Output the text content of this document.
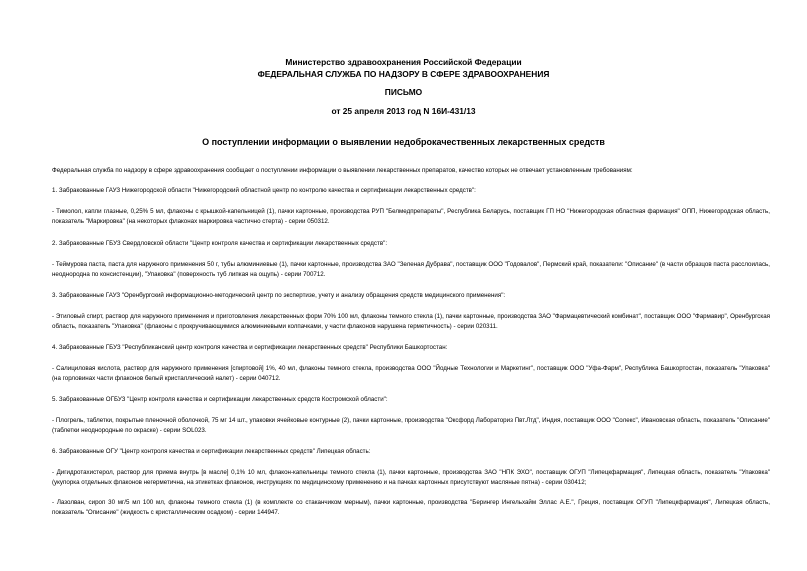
Министерство здравоохранения Российской Федерации
ФЕДЕРАЛЬНАЯ СЛУЖБА ПО НАДЗОРУ В СФЕРЕ ЗДРАВООХРАНЕНИЯ
ПИСЬМО
от 25 апреля 2013 год N 16И-431/13
О поступлении информации о выявлении недоброкачественных лекарственных средств
Федеральная служба по надзору в сфере здравоохранения сообщает о поступлении информации о выявлении лекарственных препаратов, качество которых не отвечает установленным требованиям:
1. Забракованные ГАУЗ Нижегородской области "Нижегородский областной центр по контролю качества и сертификации лекарственных средств":
- Тимолол, капли глазные, 0,25% 5 мл, флаконы с крышкой-капельницей (1), пачки картонные, производства РУП "Белмедпрепараты", Республика Беларусь, поставщик ГП НО "Нижегородская областная фармация" ОПП, Нижегородская область, показатель "Маркировка" (на некоторых флаконах маркировка частично стерта) - серии 050312.
2. Забракованные ГБУЗ Свердловской области "Центр контроля качества и сертификации лекарственных средств":
- Теймурова паста, паста для наружного применения 50 г, тубы алюминиевые (1), пачки картонные, производства ЗАО "Зеленая Дубрава", поставщик ООО "Годовалов", Пермский край, показатели: "Описание" (в части образцов паста расслоилась, неоднородна по консистенции), "Упаковка" (поверхность туб липкая на ощупь) - серии 700712.
3. Забракованные ГАУЗ "Оренбургский информационно-методический центр по экспертизе, учету и анализу обращения средств медицинского применения":
- Этиловый спирт, раствор для наружного применения и приготовления лекарственных форм 70% 100 мл, флаконы темного стекла (1), пачки картонные, производства ЗАО "Фармацевтический комбинат", поставщик ООО "Фармавир", Оренбургская область, показатель "Упаковка" (флаконы с прокручивающимися алюминиевыми колпачками, у части флаконов нарушена герметичность) - серии 020311.
4. Забракованные ГБУЗ "Республиканский центр контроля качества и сертификации лекарственных средств" Республики Башкортостан:
- Салициловая кислота, раствор для наружного применения [спиртовой] 1%, 40 мл, флаконы темного стекла, производства ООО "Йодные Технологии и Маркетинг", поставщик ООО "Уфа-Фарм", Республика Башкортостан, показатель "Упаковка" (на горловинах части флаконов белый кристаллический налет) - серии 040712.
5. Забракованные ОГБУЗ "Центр контроля качества и сертификации лекарственных средств Костромской области":
- Плогрель, таблетки, покрытые пленочной оболочкой, 75 мг 14 шт., упаковки ячейковые контурные (2), пачки картонные, производства "Оксфорд Лабораториз Пвт.Лтд", Индия, поставщик ООО "Солекс", Ивановская область, показатель "Описание" (таблетки неоднородные по окраске) - серии SOL023.
6. Забракованные ОГУ "Центр контроля качества и сертификации лекарственных средств" Липецкая область:
- Дигидротахистерол, раствор для приема внутрь [в масле] 0,1% 10 мл, флакон-капельницы темного стекла (1), пачки картонные, производства ЗАО "НПК ЭХО", поставщик ОГУП "Липецкфармация", Липецкая область, показатель "Упаковка" (укупорка отдельных флаконов негерметична, на этикетках флаконов, инструкциях по медицинскому применению и на пачках картонных присутствуют масляные пятна) - серии 030412;
- Лазолван, сироп 30 мг/5 мл 100 мл, флаконы темного стекла (1) (в комплекте со стаканчиком мерным), пачки картонные, производства "Берингер Ингельхайм Эллас А.Е.", Греция, поставщик ОГУП "Липецкфармация", Липецкая область, показатель "Описание" (жидкость с кристаллическим осадком) - серии 144947.
